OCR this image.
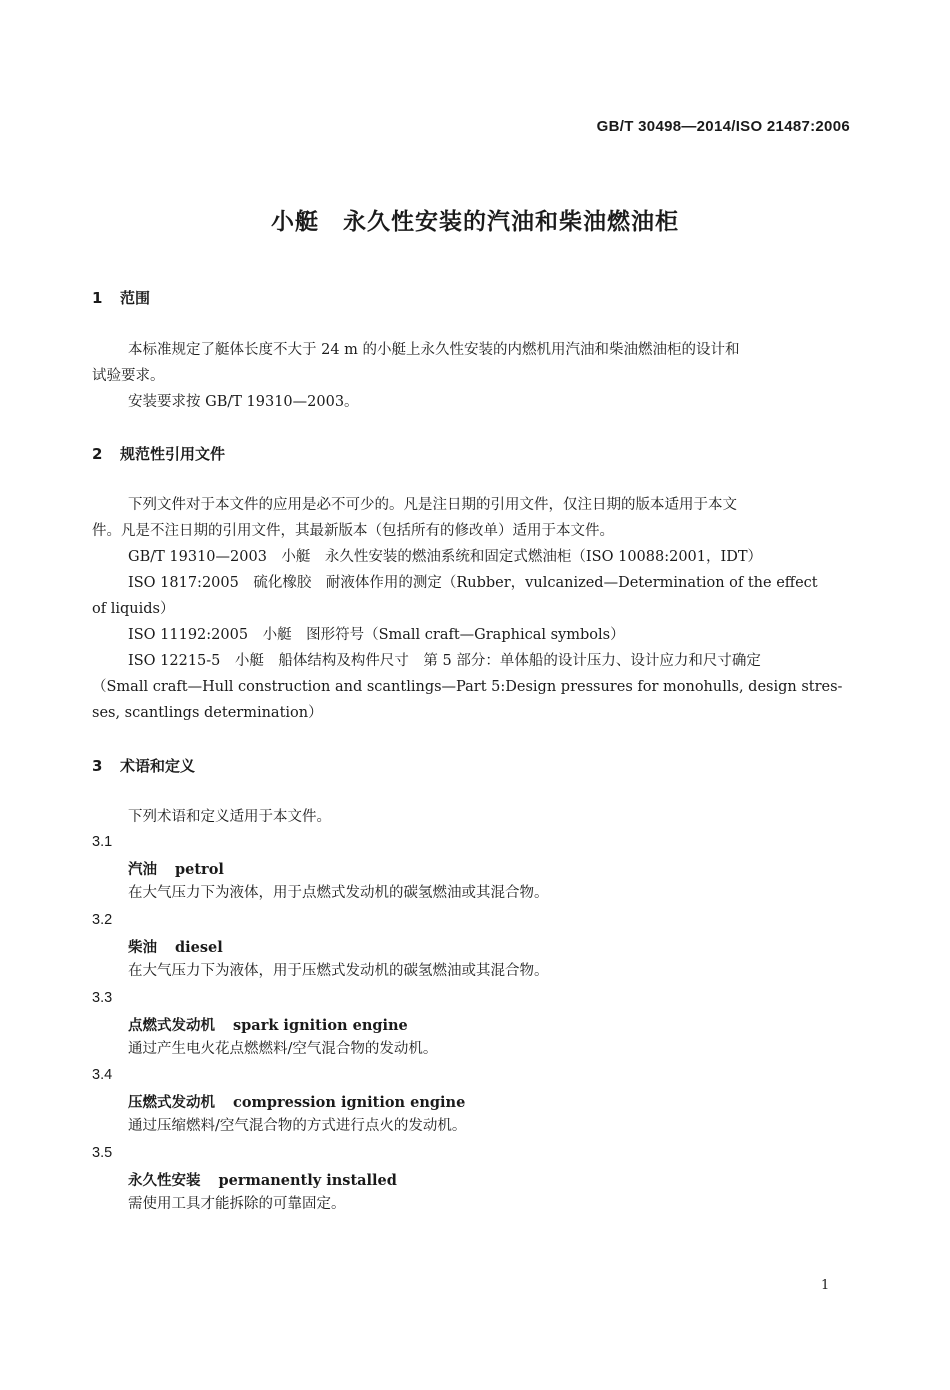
GB/T 30498—2014/ISO 21487:2006
小艇　永久性安装的汽油和柴油燃油柜
1 范围
本标准规定了艇体长度不大于 24 m 的小艇上永久性安装的内燃机用汽油和柴油燃油柜的设计和
试验要求。
安装要求按 GB/T 19310—2003。
2 规范性引用文件
下列文件对于本文件的应用是必不可少的。凡是注日期的引用文件，仅注日期的版本适用于本文
件。凡是不注日期的引用文件，其最新版本（包括所有的修改单）适用于本文件。
GB/T 19310—2003　小艇　永久性安装的燃油系统和固定式燃油柜（ISO 10088:2001，IDT）
ISO 1817:2005　硫化橡胶　耐液体作用的测定（Rubber，vulcanized—Determination of the effect
of liquids）
ISO 11192:2005　小艇　图形符号（Small craft—Graphical symbols）
ISO 12215-5　小艇　船体结构及构件尺寸　第 5 部分：单体船的设计压力、设计应力和尺寸确定
（Small craft—Hull construction and scantlings—Part 5:Design pressures for monohulls, design stres-
ses, scantlings determination）
3 术语和定义
下列术语和定义适用于本文件。
3.1
汽油 petrol
在大气压力下为液体，用于点燃式发动机的碳氢燃油或其混合物。
3.2
柴油 diesel
在大气压力下为液体，用于压燃式发动机的碳氢燃油或其混合物。
3.3
点燃式发动机 spark ignition engine
通过产生电火花点燃燃料/空气混合物的发动机。
3.4
压燃式发动机 compression ignition engine
通过压缩燃料/空气混合物的方式进行点火的发动机。
3.5
永久性安装 permanently installed
需使用工具才能拆除的可靠固定。
1
